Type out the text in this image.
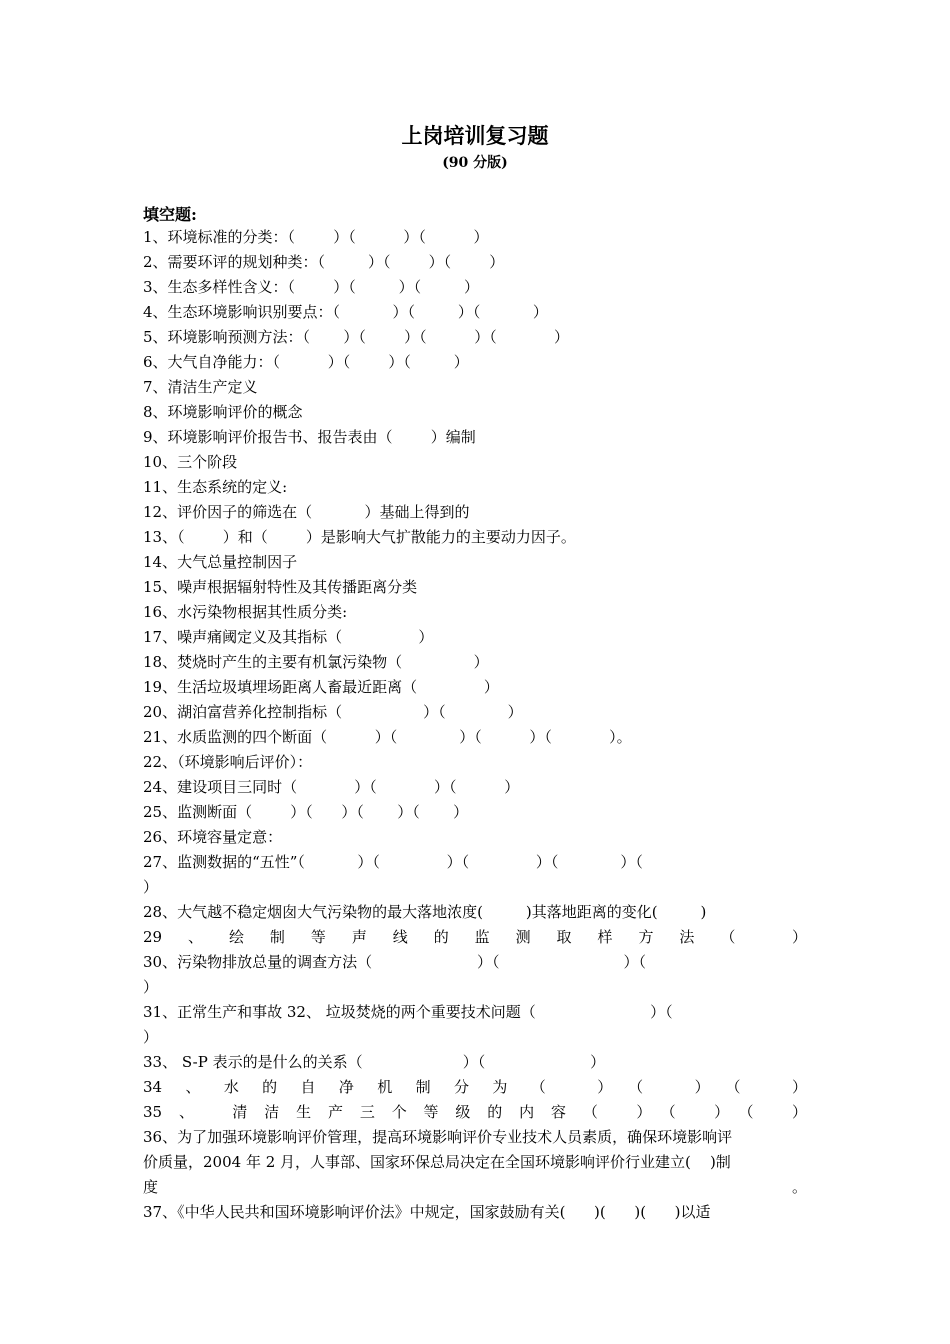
上岗培训复习题
(90 分版)
填空题:
1、环境标准的分类：（        ）（          ）（          ）
2、需要环评的规划种类：（         ）（        ）（        ）
3、生态多样性含义：（        ）（         ）（         ）
4、生态环境影响识别要点：（           ）（         ）（           ）
5、环境影响预测方法：（       ）（        ）（          ）（            ）
6、大气自净能力：（          ）（        ）（         ）
7、清洁生产定义
8、环境影响评价的概念
9、环境影响评价报告书、报告表由（        ）编制
10、三个阶段
11、生态系统的定义:
12、评价因子的筛选在（           ）基础上得到的
13、（        ）和（        ）是影响大气扩散能力的主要动力因子。
14、大气总量控制因子
15、噪声根据辐射特性及其传播距离分类
16、水污染物根据其性质分类:
17、噪声痛阈定义及其指标（                ）
18、焚烧时产生的主要有机氯污染物（               ）
19、生活垃圾填埋场距离人畜最近距离（              ）
20、湖泊富营养化控制指标（                 ）（             ）
21、水质监测的四个断面（          ）（             ）（          ）（            ）。
22、（环境影响后评价）：
24、建设项目三同时（            ）（            ）（          ）
25、监测断面（        ）（      ）（       ）（       ）
26、环境容量定意：
27、监测数据的“五性”（           ）（              ）（              ）（             ）（
）
28、大气越不稳定烟囱大气污染物的最大落地浓度(         )其落地距离的变化(         )
29、绘制等声线的监测取样方法（ ）
30、污染物排放总量的调查方法（                      ）（                          ）（
）
31、正常生产和事故 32、 垃圾焚烧的两个重要技术问题（                        ）（
）
33、 S-P 表示的是什么的关系（                     ）（                      ）
34、水的自净机制分为（ ）（ ）（ ）
35、 清洁生产三个等级的内容（ ）（ ）（ ）
36、为了加强环境影响评价管理，提高环境影响评价专业技术人员素质，确保环境影响评
价质量，2004 年 2 月，人事部、国家环保总局决定在全国环境影响评价行业建立(    )制
度。
37、《中华人民共和国环境影响评价法》中规定，国家鼓励有关(      )(      )(      )以适
